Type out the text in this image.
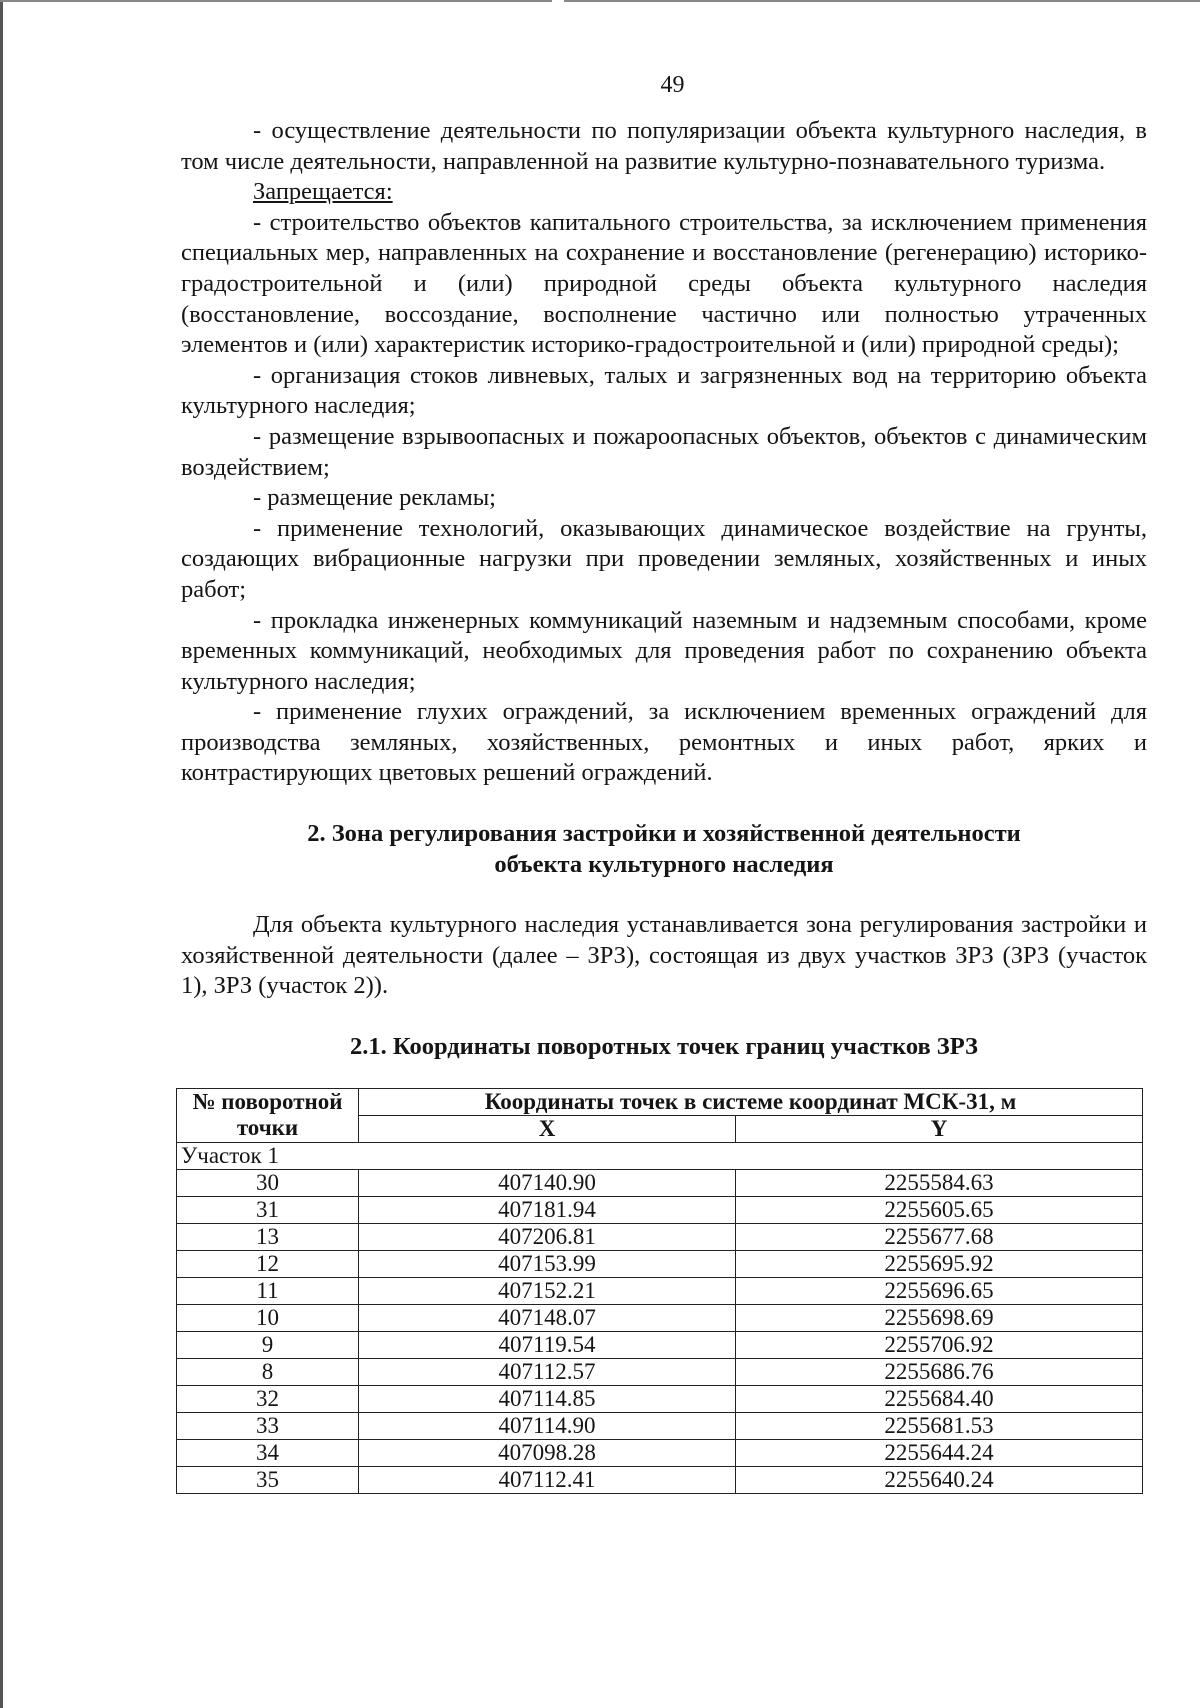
49

- осуществление деятельности по популяризации объекта культурного наследия, в том числе деятельности, направленной на развитие культурно-познавательного туризма.

Запрещается:

- строительство объектов капитального строительства, за исключением применения специальных мер, направленных на сохранение и восстановление (регенерацию) историко-градостроительной и (или) природной среды объекта культурного наследия (восстановление, воссоздание, восполнение частично или полностью утраченных элементов и (или) характеристик историко-градостроительной и (или) природной среды);

- организация стоков ливневых, талых и загрязненных вод на территорию объекта культурного наследия;

- размещение взрывоопасных и пожароопасных объектов, объектов с динамическим воздействием;

- размещение рекламы;

- применение технологий, оказывающих динамическое воздействие на грунты, создающих вибрационные нагрузки при проведении земляных, хозяйственных и иных работ;

- прокладка инженерных коммуникаций наземным и надземным способами, кроме временных коммуникаций, необходимых для проведения работ по сохранению объекта культурного наследия;

- применение глухих ограждений, за исключением временных ограждений для производства земляных, хозяйственных, ремонтных и иных работ, ярких и контрастирующих цветовых решений ограждений.

2. Зона регулирования застройки и хозяйственной деятельности
объекта культурного наследия

Для объекта культурного наследия устанавливается зона регулирования застройки и хозяйственной деятельности (далее – ЗРЗ), состоящая из двух участков ЗРЗ (ЗРЗ (участок 1), ЗРЗ (участок 2)).

2.1. Координаты поворотных точек границ участков ЗРЗ
№ поворотной
точки	Координаты точек в системе координат МСК-31, м	
	X	Y
Участок 1		
30	407140.90	2255584.63
31	407181.94	2255605.65
13	407206.81	2255677.68
12	407153.99	2255695.92
11	407152.21	2255696.65
10	407148.07	2255698.69
9	407119.54	2255706.92
8	407112.57	2255686.76
32	407114.85	2255684.40
33	407114.90	2255681.53
34	407098.28	2255644.24
35	407112.41	2255640.24
